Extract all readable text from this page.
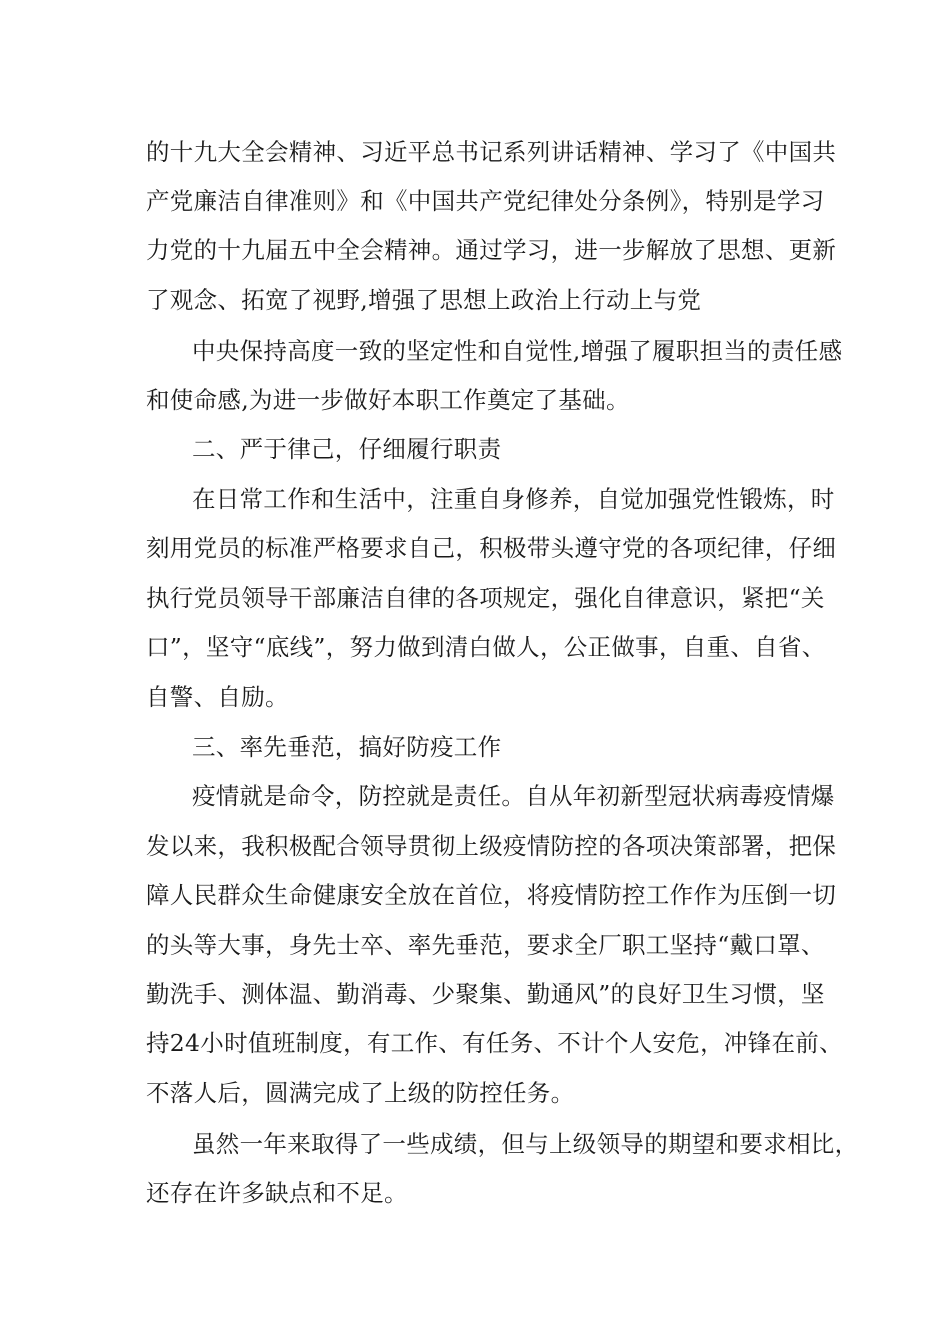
的十九大全会精神、习近平总书记系列讲话精神、学习了《中国共
产党廉洁自律准则》和《中国共产党纪律处分条例》，特别是学习
力党的十九届五中全会精神。通过学习，进一步解放了思想、更新
了观念、拓宽了视野,增强了思想上政治上行动上与党
中央保持高度一致的坚定性和自觉性,增强了履职担当的责任感
和使命感,为进一步做好本职工作奠定了基础。
二、严于律己，仔细履行职责
在日常工作和生活中，注重自身修养，自觉加强党性锻炼，时
刻用党员的标准严格要求自己，积极带头遵守党的各项纪律，仔细
执行党员领导干部廉洁自律的各项规定，强化自律意识，紧把“关
口”，坚守“底线”，努力做到清白做人，公正做事，自重、自省、
自警、自励。
三、率先垂范，搞好防疫工作
疫情就是命令，防控就是责任。自从年初新型冠状病毒疫情爆
发以来，我积极配合领导贯彻上级疫情防控的各项决策部署，把保
障人民群众生命健康安全放在首位，将疫情防控工作作为压倒一切
的头等大事，身先士卒、率先垂范，要求全厂职工坚持“戴口罩、
勤洗手、测体温、勤消毒、少聚集、勤通风”的良好卫生习惯，坚
持24小时值班制度，有工作、有任务、不计个人安危，冲锋在前、
不落人后，圆满完成了上级的防控任务。
虽然一年来取得了一些成绩，但与上级领导的期望和要求相比，
还存在许多缺点和不足。
